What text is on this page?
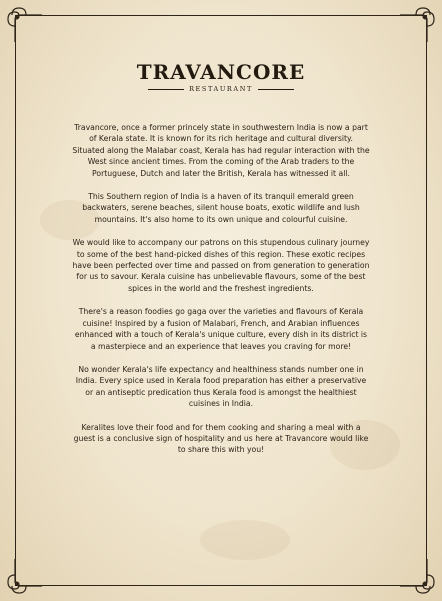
TRAVANCORE
RESTAURANT

Travancore, once a former princely state in southwestern India is now a part of Kerala state. It is known for its rich heritage and cultural diversity. Situated along the Malabar coast, Kerala has had regular interaction with the West since ancient times. From the coming of the Arab traders to the Portuguese, Dutch and later the British, Kerala has witnessed it all.

This Southern region of India is a haven of its tranquil emerald green backwaters, serene beaches, silent house boats, exotic wildlife and lush mountains. It's also home to its own unique and colourful cuisine.

We would like to accompany our patrons on this stupendous culinary journey to some of the best hand-picked dishes of this region. These exotic recipes have been perfected over time and passed on from generation to generation for us to savour. Kerala cuisine has unbelievable flavours, some of the best spices in the world and the freshest ingredients.

There's a reason foodies go gaga over the varieties and flavours of Kerala cuisine! Inspired by a fusion of Malabari, French, and Arabian influences enhanced with a touch of Kerala's unique culture, every dish in its district is a masterpiece and an experience that leaves you craving for more!

No wonder Kerala's life expectancy and healthiness stands number one in India. Every spice used in Kerala food preparation has either a preservative or an antiseptic predication thus Kerala food is amongst the healthiest cuisines in India.

Keralites love their food and for them cooking and sharing a meal with a guest is a conclusive sign of hospitality and us here at Travancore would like to share this with you!
